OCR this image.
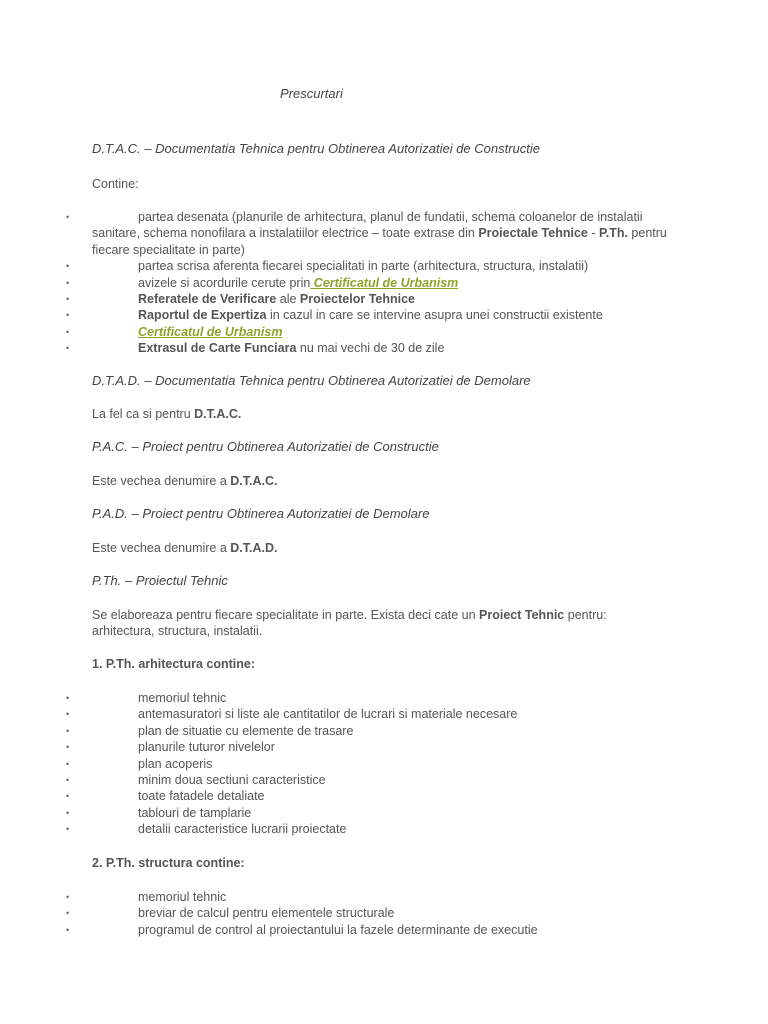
Prescurtari
D.T.A.C. – Documentatia Tehnica pentru Obtinerea Autorizatiei de Constructie
Contine:
•	partea desenata (planurile de arhitectura, planul de fundatii, schema coloanelor de instalatii sanitare, schema nonofilara a instalatiilor electrice – toate extrase din Proiectale Tehnice - P.Th. pentru fiecare specialitate in parte)
•	partea scrisa aferenta fiecarei specialitati in parte (arhitectura, structura, instalatii)
•	avizele si acordurile cerute prin Certificatul de Urbanism
•	Referatele de Verificare ale Proiectelor Tehnice
•	Raportul de Expertiza in cazul in care se intervine asupra unei constructii existente
•	Certificatul de Urbanism
•	Extrasul de Carte Funciara nu mai vechi de 30 de zile
D.T.A.D. – Documentatia Tehnica pentru Obtinerea Autorizatiei de Demolare
La fel ca si pentru D.T.A.C.
P.A.C. – Proiect pentru Obtinerea Autorizatiei de Constructie
Este vechea denumire a D.T.A.C.
P.A.D. – Proiect pentru Obtinerea Autorizatiei de Demolare
Este vechea denumire a D.T.A.D.
P.Th. – Proiectul Tehnic
Se elaboreaza pentru fiecare specialitate in parte. Exista deci cate un Proiect Tehnic pentru: arhitectura, structura, instalatii.
1. P.Th. arhitectura contine:
•	memoriul tehnic
•	antemasuratori si liste ale cantitatilor de lucrari si materiale necesare
•	plan de situatie cu elemente de trasare
•	planurile tuturor nivelelor
•	plan acoperis
•	minim doua sectiuni caracteristice
•	toate fatadele detaliate
•	tablouri de tamplarie
•	detalii caracteristice lucrarii proiectate
2. P.Th. structura contine:
•	memoriul tehnic
•	breviar de calcul pentru elementele structurale
•	programul de control al proiectantului la fazele determinante de executie
